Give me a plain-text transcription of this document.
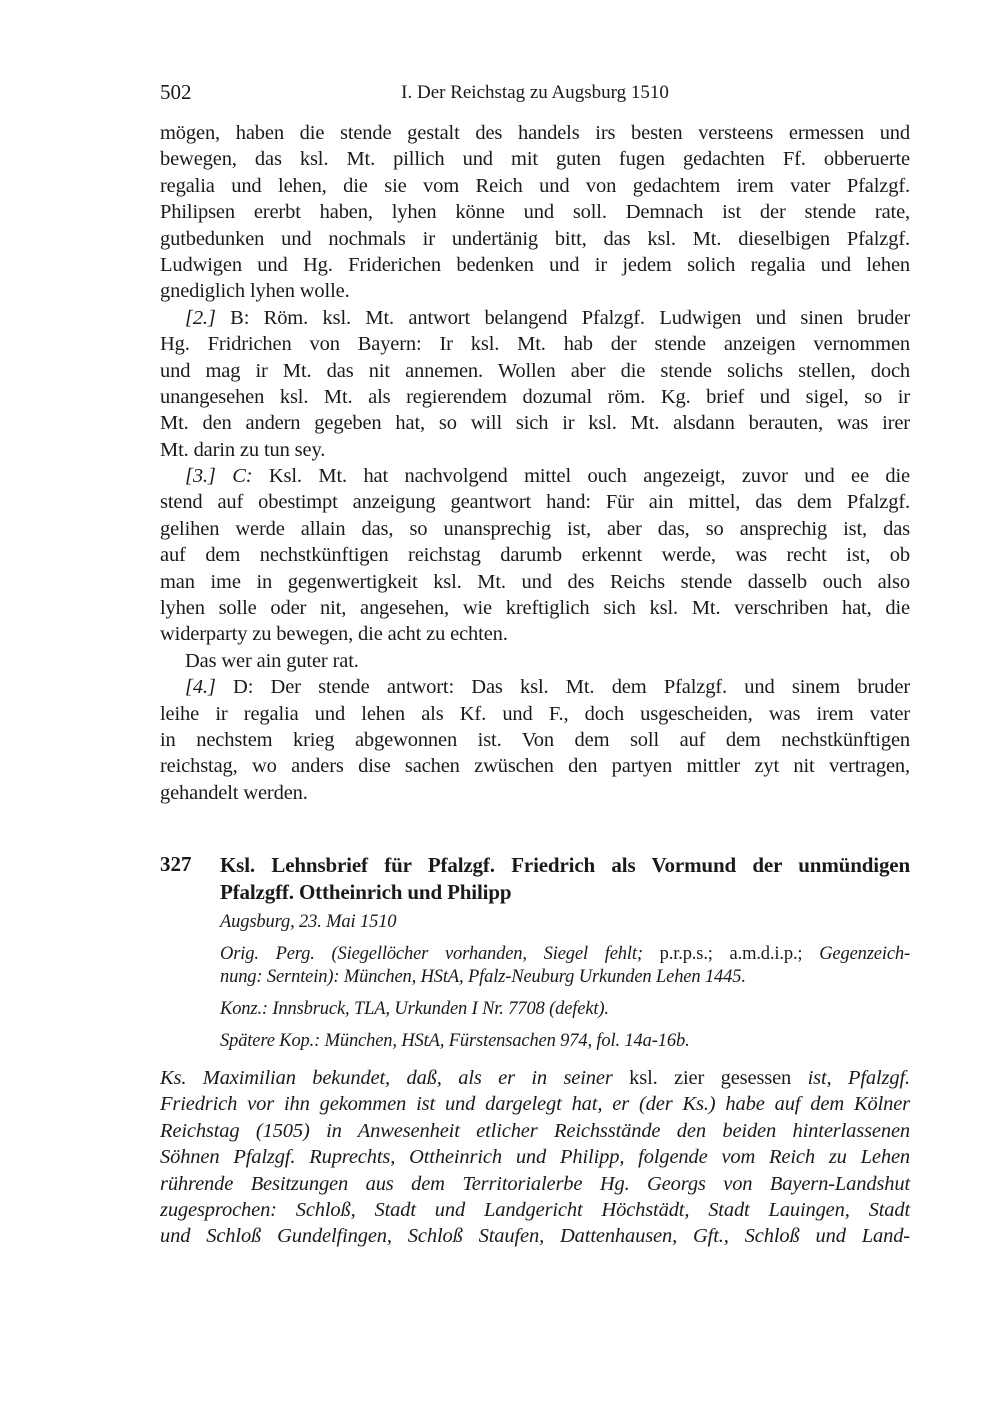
502	I. Der Reichstag zu Augsburg 1510
mögen, haben die stende gestalt des handels irs besten versteens ermessen und
bewegen, das ksl. Mt. pillich und mit guten fugen gedachten Ff. obberuerte
regalia und lehen, die sie vom Reich und von gedachtem irem vater Pfalzgf.
Philipsen ererbt haben, lyhen könne und soll. Demnach ist der stende rate,
gutbedunken und nochmals ir undertänig bitt, das ksl. Mt. dieselbigen Pfalzgf.
Ludwigen und Hg. Friderichen bedenken und ir jedem solich regalia und lehen
gnediglich lyhen wolle.
[2.] B: Röm. ksl. Mt. antwort belangend Pfalzgf. Ludwigen und sinen bruder
Hg. Fridrichen von Bayern: Ir ksl. Mt. hab der stende anzeigen vernommen
und mag ir Mt. das nit annemen. Wollen aber die stende solichs stellen, doch
unangesehen ksl. Mt. als regierendem dozumal röm. Kg. brief und sigel, so ir
Mt. den andern gegeben hat, so will sich ir ksl. Mt. alsdann berauten, was irer
Mt. darin zu tun sey.
[3.] C: Ksl. Mt. hat nachvolgend mittel ouch angezeigt, zuvor und ee die
stend auf obestimpt anzeigung geantwort hand: Für ain mittel, das dem Pfalzgf.
gelihen werde allain das, so unansprechig ist, aber das, so ansprechig ist, das
auf dem nechstkünftigen reichstag darumb erkennt werde, was recht ist, ob
man ime in gegenwertigkeit ksl. Mt. und des Reichs stende dasselb ouch also
lyhen solle oder nit, angesehen, wie kreftiglich sich ksl. Mt. verschriben hat, die
widerparty zu bewegen, die acht zu echten.
Das wer ain guter rat.
[4.] D: Der stende antwort: Das ksl. Mt. dem Pfalzgf. und sinem bruder
leihe ir regalia und lehen als Kf. und F., doch usgescheiden, was irem vater
in nechstem krieg abgewonnen ist. Von dem soll auf dem nechstkünftigen
reichstag, wo anders dise sachen zwüschen den partyen mittler zyt nit vertragen,
gehandelt werden.
327 Ksl. Lehnsbrief für Pfalzgf. Friedrich als Vormund der unmündigen
Pfalzgff. Ottheinrich und Philipp
Augsburg, 23. Mai 1510
Orig. Perg. (Siegellöcher vorhanden, Siegel fehlt; p.r.p.s.; a.m.d.i.p.; Gegenzeich-
nung: Serntein): München, HStA, Pfalz-Neuburg Urkunden Lehen 1445.
Konz.: Innsbruck, TLA, Urkunden I Nr. 7708 (defekt).
Spätere Kop.: München, HStA, Fürstensachen 974, fol. 14a-16b.
Ks. Maximilian bekundet, daß, als er in seiner ksl. zier gesessen ist, Pfalzgf.
Friedrich vor ihn gekommen ist und dargelegt hat, er (der Ks.) habe auf dem Kölner
Reichstag (1505) in Anwesenheit etlicher Reichsstände den beiden hinterlassenen
Söhnen Pfalzgf. Ruprechts, Ottheinrich und Philipp, folgende vom Reich zu Lehen
rührende Besitzungen aus dem Territorialerbe Hg. Georgs von Bayern-Landshut
zugesprochen: Schloß, Stadt und Landgericht Höchstädt, Stadt Lauingen, Stadt
und Schloß Gundelfingen, Schloß Staufen, Dattenhausen, Gft., Schloß und Land-
